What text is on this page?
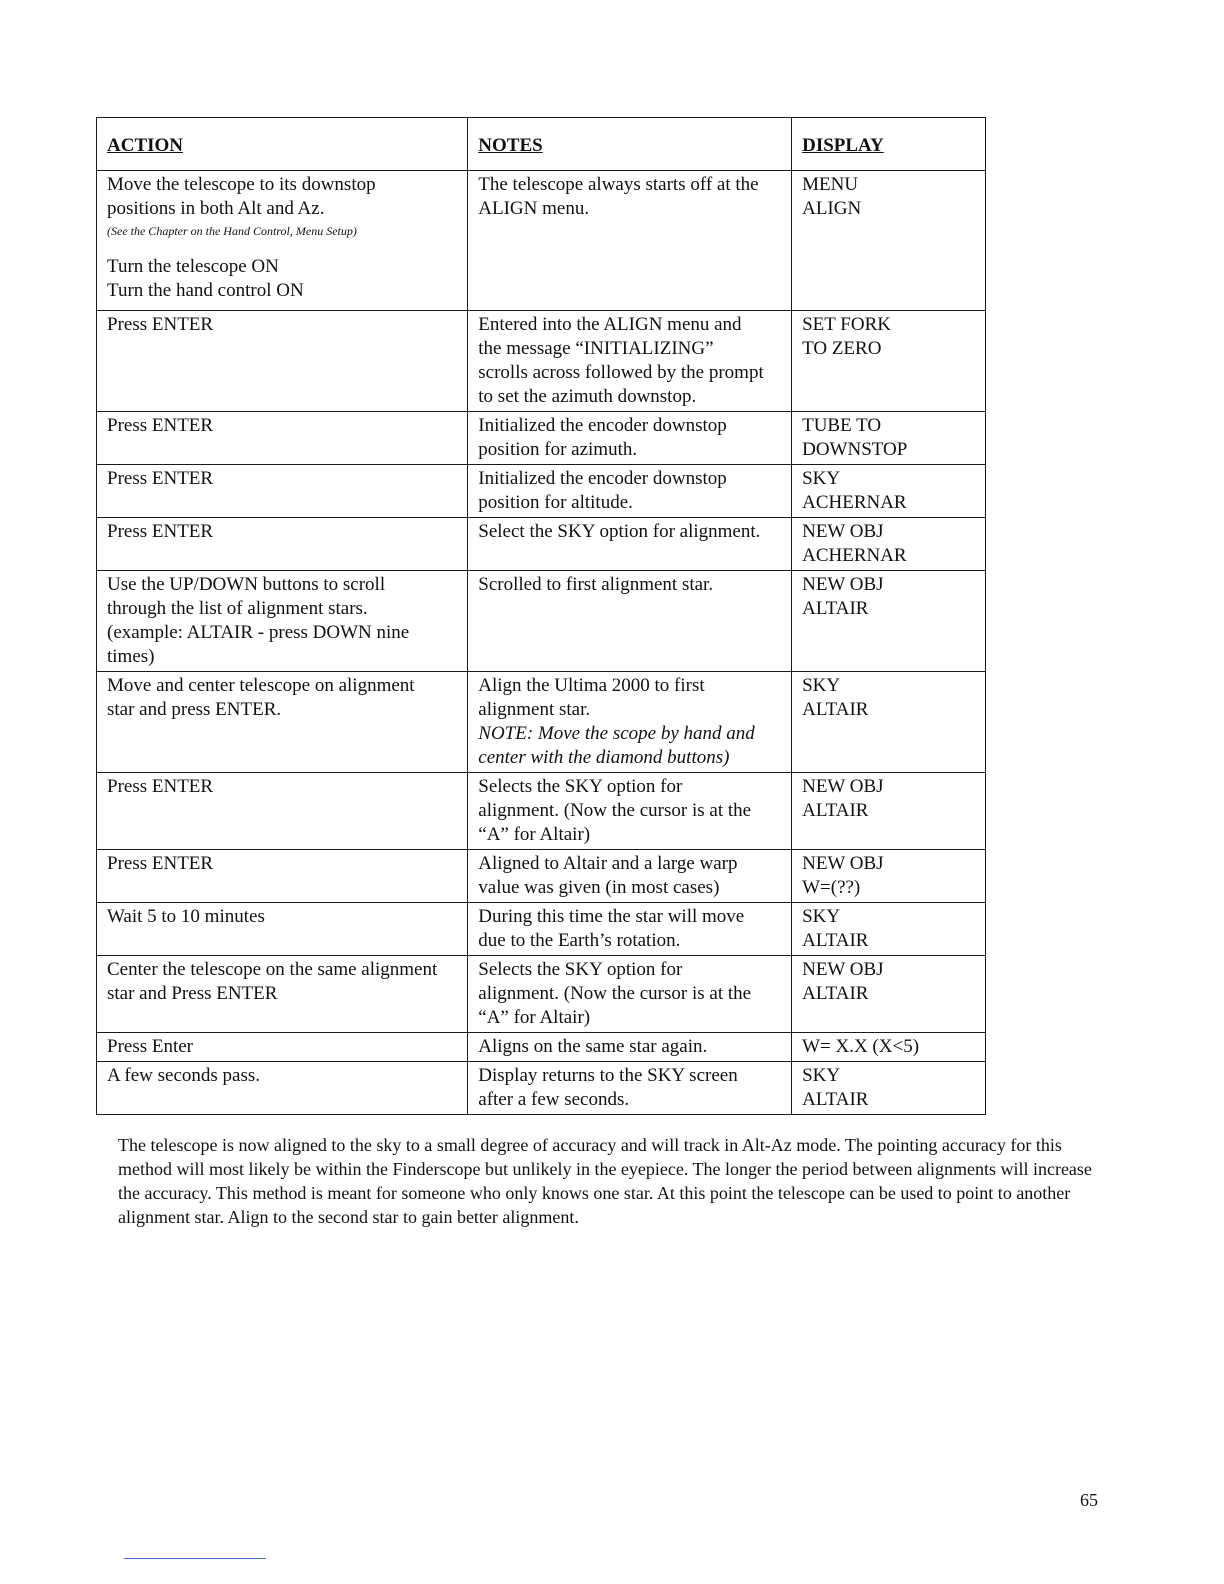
ACTION	NOTES	DISPLAY

Move the telescope to its downstop
positions in both Alt and Az.
(See the Chapter on the Hand Control, Menu Setup)
Turn the telescope ON
Turn the hand control ON	The telescope always starts off at the
ALIGN menu.	MENU
ALIGN

Press ENTER	Entered into the ALIGN menu and
the message “INITIALIZING”
scrolls across followed by the prompt
to set the azimuth downstop.	SET FORK
TO ZERO

Press ENTER	Initialized the encoder downstop
position for azimuth.	TUBE TO
DOWNSTOP

Press ENTER	Initialized the encoder downstop
position for altitude.	SKY
ACHERNAR

Press ENTER	Select the SKY option for alignment.	NEW OBJ
ACHERNAR

Use the UP/DOWN buttons to scroll
through the list of alignment stars.
(example: ALTAIR - press DOWN nine
times)	Scrolled to first alignment star.	NEW OBJ
ALTAIR

Move and center telescope on alignment
star and press ENTER.	Align the Ultima 2000 to first
alignment star.
NOTE: Move the scope by hand and
center with the diamond buttons)	SKY
ALTAIR

Press ENTER	Selects the SKY option for
alignment. (Now the cursor is at the
“A” for Altair)	NEW OBJ
ALTAIR

Press ENTER	Aligned to Altair and a large warp
value was given (in most cases)	NEW OBJ
W=(??)

Wait 5 to 10 minutes	During this time the star will move
due to the Earth’s rotation.	SKY
ALTAIR

Center the telescope on the same alignment
star and Press ENTER	Selects the SKY option for
alignment. (Now the cursor is at the
“A” for Altair)	NEW OBJ
ALTAIR

Press Enter	Aligns on the same star again.	W= X.X (X<5)

A few seconds pass.	Display returns to the SKY screen
after a few seconds.	SKY
ALTAIR

The telescope is now aligned to the sky to a small degree of accuracy and will track in Alt-Az mode. The pointing accuracy for this method will most likely be within the Finderscope but unlikely in the eyepiece. The longer the period between alignments will increase the accuracy. This method is meant for someone who only knows one star. At this point the telescope can be used to point to another alignment star. Align to the second star to gain better alignment.

65
